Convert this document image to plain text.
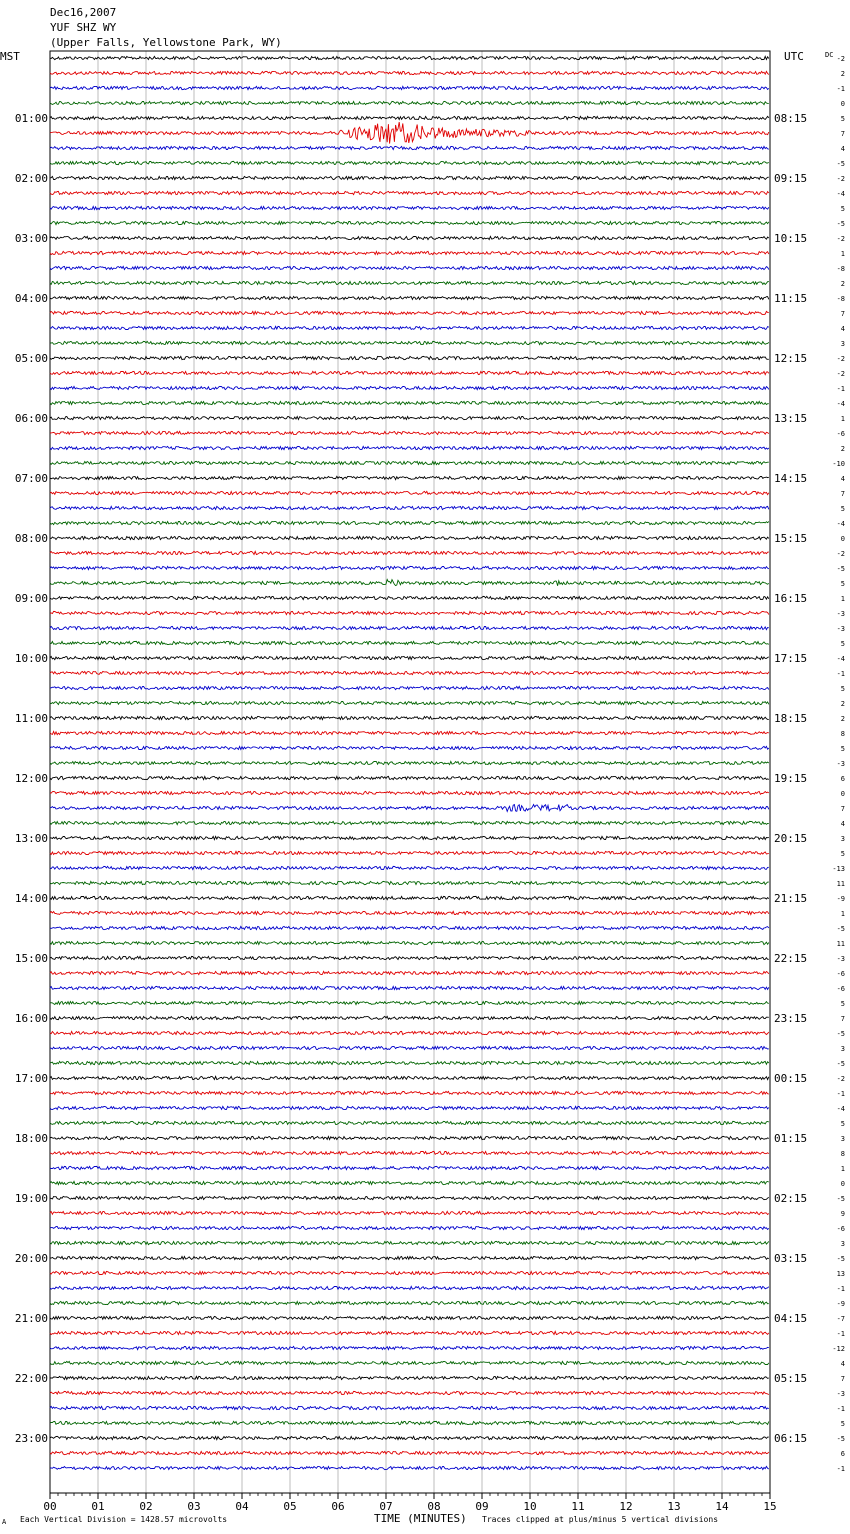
Dec16,2007
YUF SHZ WY
(Upper Falls, Yellowstone Park, WY)
MST	UTC	DC -2
2
-1
0
5
7
4
-5
-2
-4
5
-5
-2
1
-8
2
-8
7
4
3
-2
-2
-1
-4
1
-6
2
-10
4
7
5
-4
0
-2
-5
5
1
-3
-3
5
-4
-1
5
2
2
8
5
-3
6
0
7
4
3
5
-13
11
-9
1
-5
11
-3
-6
-6
5
7
-5
3
-5
-2
-1
-4
5
3
8
1
0
-5
9
-6
3
-5
13
-1
-9
-7
-1
-12
4
7
-3
-1
5
-5
6
-1
01:00
02:00
03:00
04:00
05:00
06:00
07:00
08:00
09:00
10:00
11:00
12:00
13:00
14:00
15:00
16:00
17:00
18:00
19:00
20:00
21:00
22:00
23:00
08:15
09:15
10:15
11:15
12:15
13:15
14:15
15:15
16:15
17:15
18:15
19:15
20:15
21:15
22:15
23:15
00:15
01:15
02:15
03:15
04:15
05:15
06:15
00	01	02	03	04	05	06	07	08	09	10	11	12	13	14	15
A Each Vertical Division = 1428.57 microvolts	TIME (MINUTES) Traces clipped at plus/minus 5 vertical divisions
